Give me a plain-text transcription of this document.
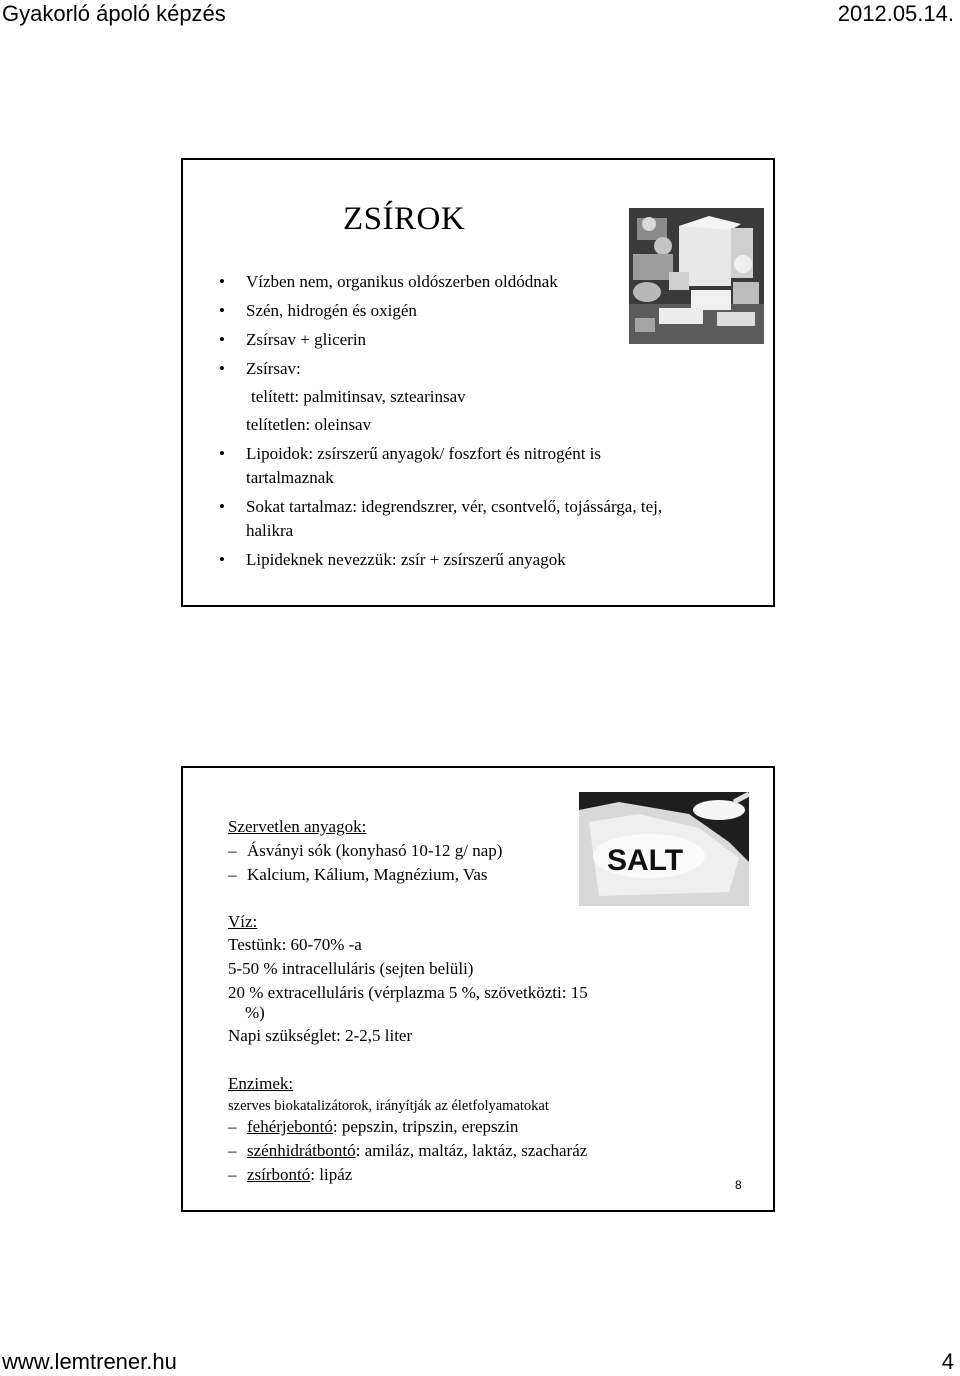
Gyakorló ápoló képzés	2012.05.14.
ZSÍROK
• Vízben nem, organikus oldószerben oldódnak
• Szén, hidrogén és oxigén
• Zsírsav + glicerin
• Zsírsav:
telített: palmitinsav, sztearinsav
telítetlen: oleinsav
• Lipoidok: zsírszerű anyagok/ foszfort és nitrogént is
tartalmaznak
• Sokat tartalmaz: idegrendszrer, vér, csontvelő, tojássárga, tej,
halikra
• Lipideknek nevezzük: zsír + zsírszerű anyagok
SALT
Szervetlen anyagok:
– Ásványi sók (konyhasó 10-12 g/ nap)
– Kalcium, Kálium, Magnézium, Vas
Víz:
Testünk: 60-70% -a
5-50 % intracelluláris (sejten belüli)
20 % extracelluláris (vérplazma 5 %, szövetközti: 15
%)
Napi szükséglet: 2-2,5 liter
Enzimek:
szerves biokatalizátorok, irányítják az életfolyamatokat
– fehérjebontó: pepszin, tripszin, erepszin
– szénhidrátbontó: amiláz, maltáz, laktáz, szacharáz
– zsírbontó: lipáz
8
www.lemtrener.hu	4
